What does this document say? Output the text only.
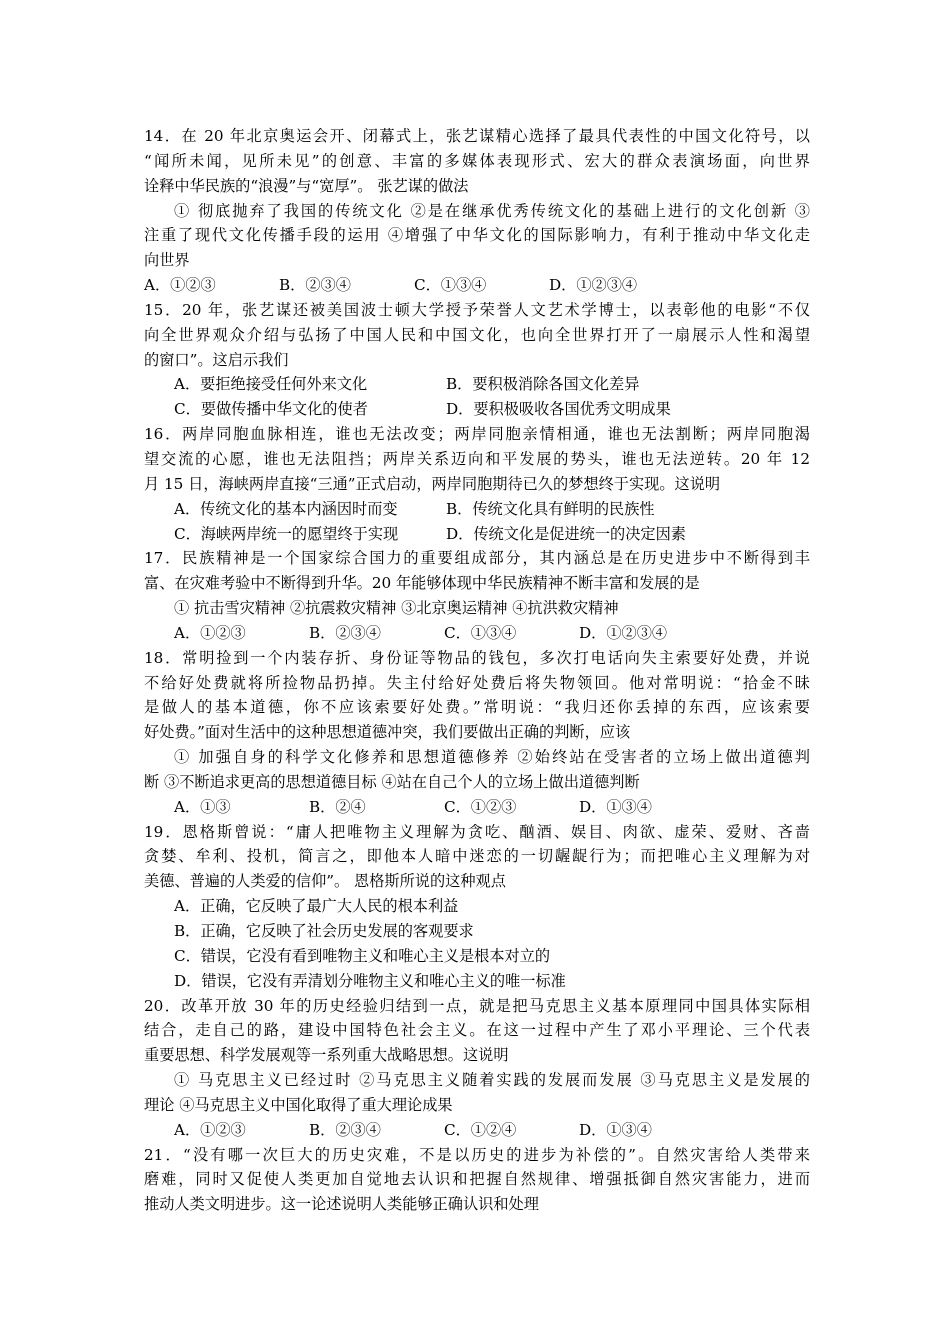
14．在 20 年北京奥运会开、闭幕式上，张艺谋精心选择了最具代表性的中国文化符号，以
“闻所未闻，见所未见”的创意、丰富的多媒体表现形式、宏大的群众表演场面，向世界
诠释中华民族的“浪漫”与“宽厚”。 张艺谋的做法
① 彻底抛弃了我国的传统文化 ②是在继承优秀传统文化的基础上进行的文化创新 ③
注重了现代文化传播手段的运用 ④增强了中华文化的国际影响力，有利于推动中华文化走
向世界
A．①②③	B．②③④	C．①③④	D．①②③④
15．20 年，张艺谋还被美国波士顿大学授予荣誉人文艺术学博士，以表彰他的电影“不仅
向全世界观众介绍与弘扬了中国人民和中国文化，也向全世界打开了一扇展示人性和渴望
的窗口”。这启示我们
A．要拒绝接受任何外来文化	B．要积极消除各国文化差异
C．要做传播中华文化的使者	D．要积极吸收各国优秀文明成果
16．两岸同胞血脉相连，谁也无法改变；两岸同胞亲情相通，谁也无法割断；两岸同胞渴
望交流的心愿，谁也无法阻挡；两岸关系迈向和平发展的势头，谁也无法逆转。20 年 12
月 15 日，海峡两岸直接“三通”正式启动，两岸同胞期待已久的梦想终于实现。这说明
A．传统文化的基本内涵因时而变	B．传统文化具有鲜明的民族性
C．海峡两岸统一的愿望终于实现	D．传统文化是促进统一的决定因素
17．民族精神是一个国家综合国力的重要组成部分，其内涵总是在历史进步中不断得到丰
富、在灾难考验中不断得到升华。20 年能够体现中华民族精神不断丰富和发展的是
① 抗击雪灾精神 ②抗震救灾精神 ③北京奥运精神 ④抗洪救灾精神
A．①②③	B．②③④	C．①③④	D．①②③④
18．常明捡到一个内装存折、身份证等物品的钱包，多次打电话向失主索要好处费，并说
不给好处费就将所捡物品扔掉。失主付给好处费后将失物领回。他对常明说：“拾金不昧
是做人的基本道德，你不应该索要好处费。”常明说：“我归还你丢掉的东西，应该索要
好处费。”面对生活中的这种思想道德冲突，我们要做出正确的判断，应该
① 加强自身的科学文化修养和思想道德修养 ②始终站在受害者的立场上做出道德判
断 ③不断追求更高的思想道德目标 ④站在自己个人的立场上做出道德判断
A．①③	B．②④	C．①②③	D．①③④
19．恩格斯曾说：“庸人把唯物主义理解为贪吃、酗酒、娱目、肉欲、虚荣、爱财、吝啬
贪婪、牟利、投机，简言之，即他本人暗中迷恋的一切龌龊行为；而把唯心主义理解为对
美德、普遍的人类爱的信仰”。 恩格斯所说的这种观点
A．正确，它反映了最广大人民的根本利益
B．正确，它反映了社会历史发展的客观要求
C．错误，它没有看到唯物主义和唯心主义是根本对立的
D．错误，它没有弄清划分唯物主义和唯心主义的唯一标准
20．改革开放 30 年的历史经验归结到一点，就是把马克思主义基本原理同中国具体实际相
结合，走自己的路，建设中国特色社会主义。在这一过程中产生了邓小平理论、三个代表
重要思想、科学发展观等一系列重大战略思想。这说明
① 马克思主义已经过时 ②马克思主义随着实践的发展而发展 ③马克思主义是发展的
理论 ④马克思主义中国化取得了重大理论成果
A．①②③	B．②③④	C．①②④	D．①③④
21．“没有哪一次巨大的历史灾难，不是以历史的进步为补偿的”。自然灾害给人类带来
磨难，同时又促使人类更加自觉地去认识和把握自然规律、增强抵御自然灾害能力，进而
推动人类文明进步。这一论述说明人类能够正确认识和处理
